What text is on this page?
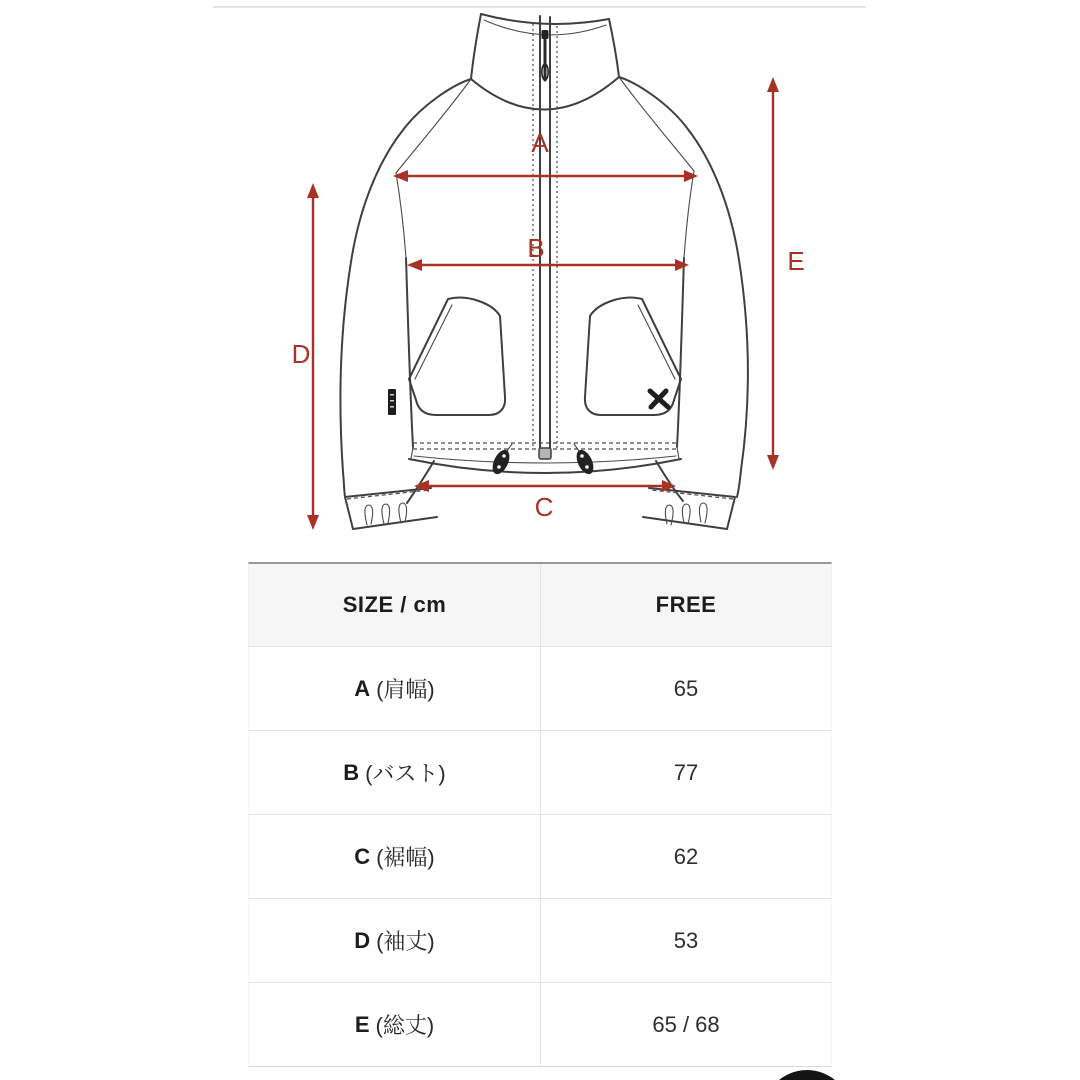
A
B
C
D
E
SIZE / cm	FREE
A (肩幅)	65
B (バスト)	77
C (裾幅)	62
D (袖丈)	53
E (総丈)	65 / 68
